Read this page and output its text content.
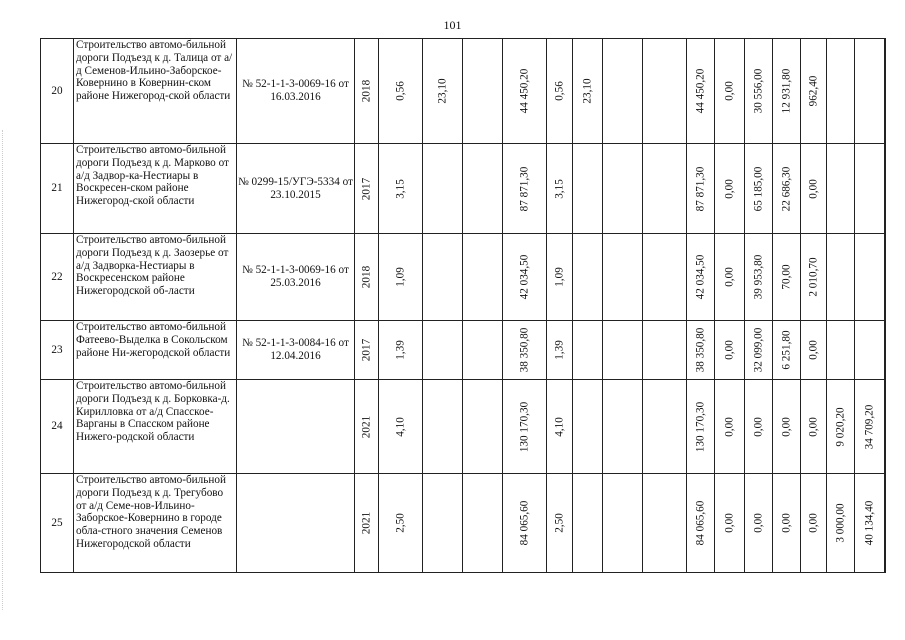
101
20	Строительство автомо-бильной дороги Подъезд к д. Талица от а/д Семенов-Ильино-Заборское-Ковернино в Ковернин-ском районе Нижегород-ской области	№ 52-1-1-3-0069-16 от 16.03.2016	2018	0,56	23,10		44 450,20	0,56	23,10			44 450,20	0,00	30 556,00	12 931,80	962,40

21	Строительство автомо-бильной дороги Подъезд к д. Марково от а/д Задвор-ка-Нестиары в Воскресен-ском районе Нижегород-ской области	№ 0299-15/УГЭ-5334 от 23.10.2015	2017	3,15			87 871,30	3,15				87 871,30	0,00	65 185,00	22 686,30	0,00

22	Строительство автомо-бильной дороги Подъезд к д. Заозерье от а/д Задворка-Нестиары в Воскресенском районе Нижегородской об-ласти	№ 52-1-1-3-0069-16 от 25.03.2016	2018	1,09			42 034,50	1,09				42 034,50	0,00	39 953,80	70,00	2 010,70

23	Строительство автомо-бильной Фатеево-Выделка в Сокольском районе Ни-жегородской области	№ 52-1-1-3-0084-16 от 12.04.2016	2017	1,39			38 350,80	1,39				38 350,80	0,00	32 099,00	6 251,80	0,00

24	Строительство автомо-бильной дороги Подъезд к д. Борковка-д. Кирилловка от а/д Спасское-Варганы в Спасском районе Нижего-родской области		2021	4,10			130 170,30	4,10				130 170,30	0,00	0,00	0,00	0,00	9 020,20	34 709,20

25	Строительство автомо-бильной дороги Подъезд к д. Трегубово от а/д Семе-нов-Ильино-Заборское-Ковернино в городе обла-стного значения Семенов Нижегородской области		2021	2,50			84 065,60	2,50				84 065,60	0,00	0,00	0,00	0,00	3 000,00	40 134,40
